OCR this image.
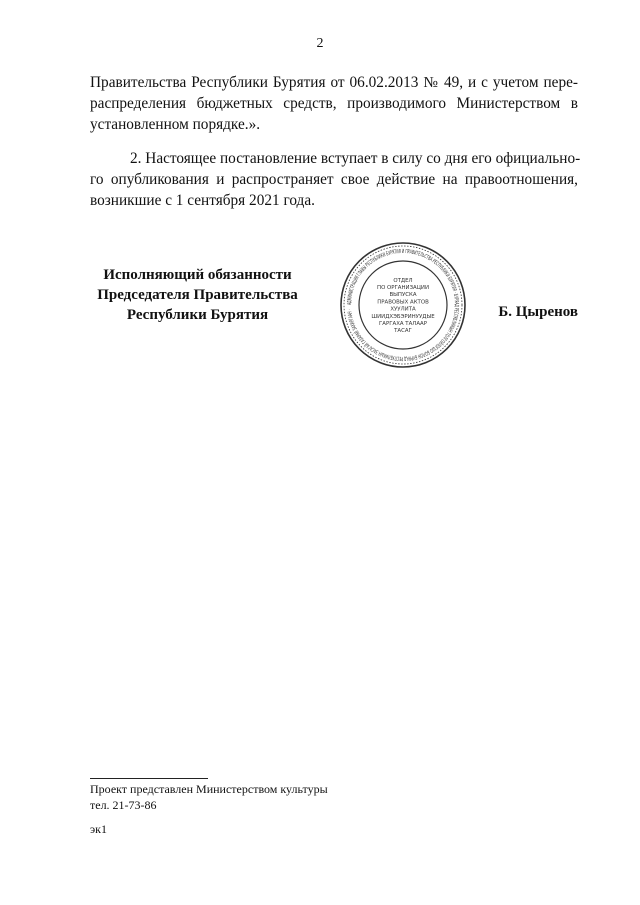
2
Правительства Республики Бурятия от 06.02.2013 № 49, и с учетом пере-
распределения бюджетных средств, производимого Министерством в
установленном порядке.».
2. Настоящее постановление вступает в силу со дня его официально-
го опубликования и распространяет свое действие на правоотношения,
возникшие с 1 сентября 2021 года.
Исполняющий обязанности
Председателя Правительства
Республики Бурятия
АДМИНИСТРАЦИЯ ГЛАВЫ РЕСПУБЛИКИ БУРЯТИЯ И ПРАВИТЕЛЬСТВА РЕСПУБЛИКИ БУРЯТИЯ · БУРЯАД РЕСПУБЛИКЫН ТОЛГОЙЛОГШО БОЛОН БУРЯАД РЕСПУБЛИКЫН ЗАСАГАЙ ГАЗАРАЙ ЗАХИРГААН ·
ОТДЕЛ
ПО ОРГАНИЗАЦИИ
ВЫПУСКА
ПРАВОВЫХ АКТОВ
ХУУЛИТА
ШИИДХЭБЭРИНУУДЫЕ
ГАРГАХА ТАЛААР
ТАСАГ
Б. Цыренов
Проект представлен Министерством культуры
тел. 21-73-86
эк1
